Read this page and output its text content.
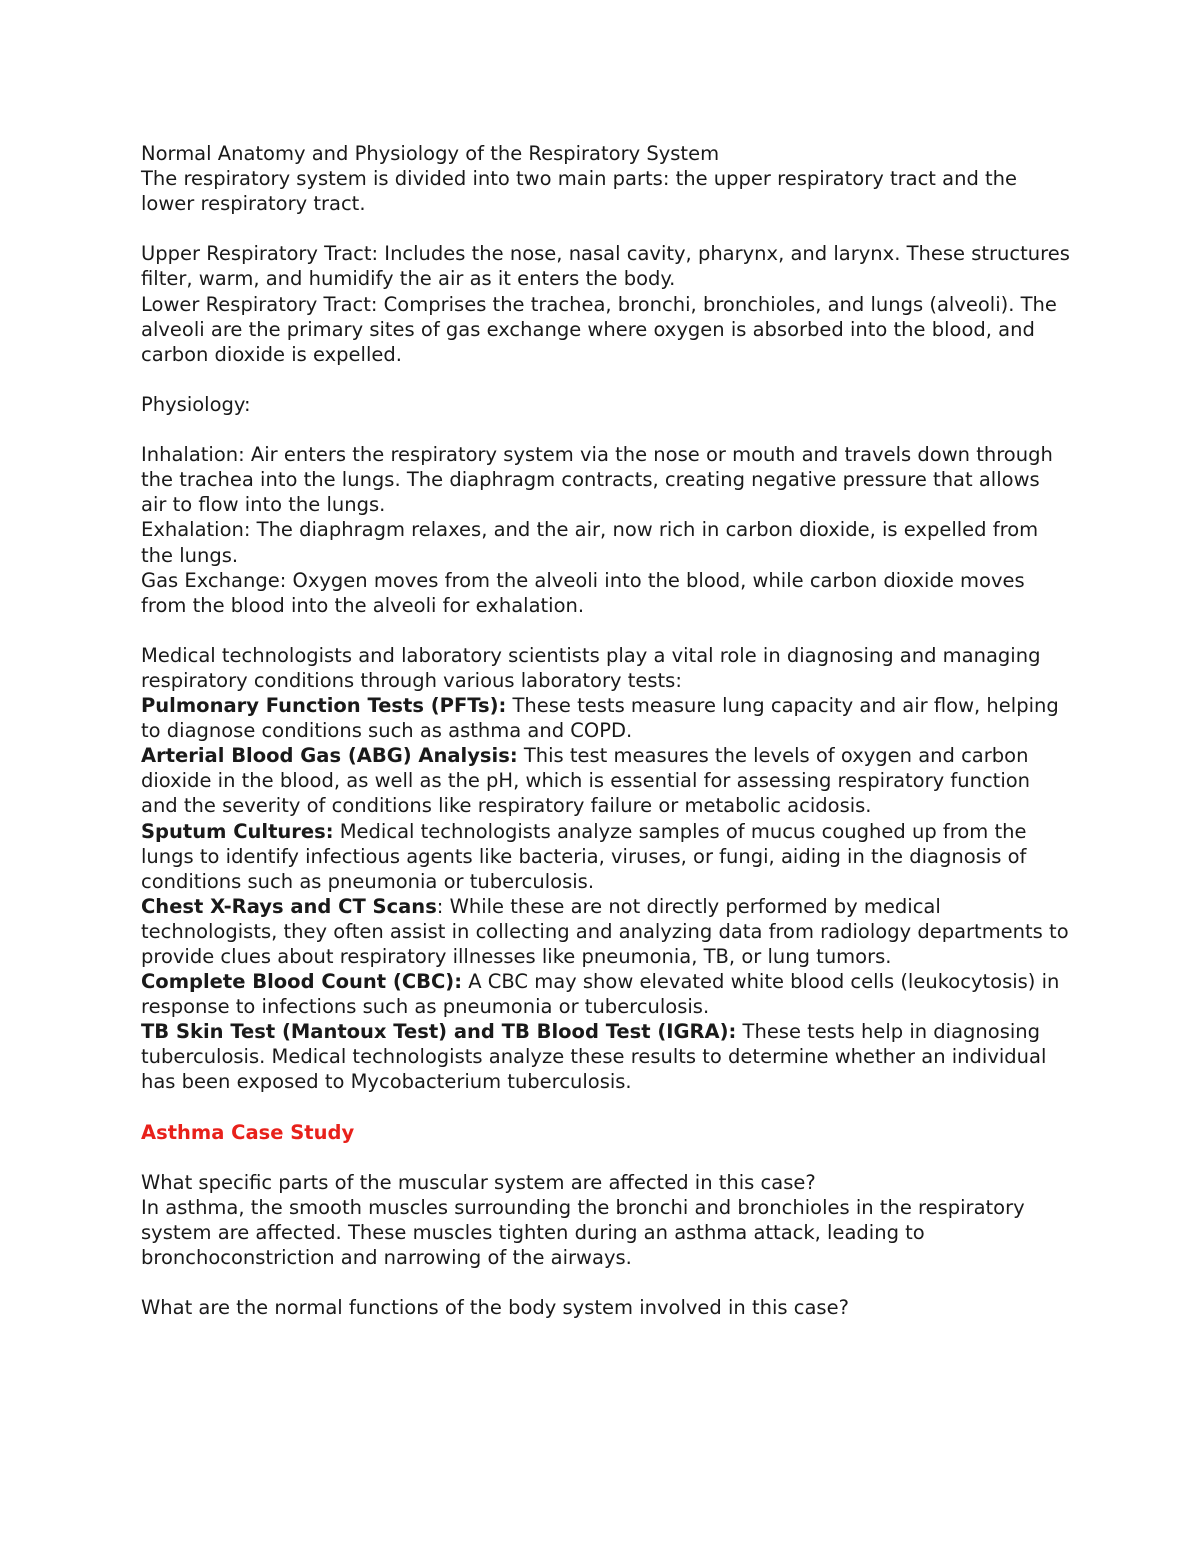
Normal Anatomy and Physiology of the Respiratory System
The respiratory system is divided into two main parts: the upper respiratory tract and the lower respiratory tract.
Upper Respiratory Tract: Includes the nose, nasal cavity, pharynx, and larynx. These structures filter, warm, and humidify the air as it enters the body.
Lower Respiratory Tract: Comprises the trachea, bronchi, bronchioles, and lungs (alveoli). The alveoli are the primary sites of gas exchange where oxygen is absorbed into the blood, and carbon dioxide is expelled.
Physiology:
Inhalation: Air enters the respiratory system via the nose or mouth and travels down through the trachea into the lungs. The diaphragm contracts, creating negative pressure that allows air to flow into the lungs.
Exhalation: The diaphragm relaxes, and the air, now rich in carbon dioxide, is expelled from the lungs.
Gas Exchange: Oxygen moves from the alveoli into the blood, while carbon dioxide moves from the blood into the alveoli for exhalation.
Medical technologists and laboratory scientists play a vital role in diagnosing and managing respiratory conditions through various laboratory tests:
Pulmonary Function Tests (PFTs): These tests measure lung capacity and air flow, helping to diagnose conditions such as asthma and COPD.
Arterial Blood Gas (ABG) Analysis: This test measures the levels of oxygen and carbon dioxide in the blood, as well as the pH, which is essential for assessing respiratory function and the severity of conditions like respiratory failure or metabolic acidosis.
Sputum Cultures: Medical technologists analyze samples of mucus coughed up from the lungs to identify infectious agents like bacteria, viruses, or fungi, aiding in the diagnosis of conditions such as pneumonia or tuberculosis.
Chest X-Rays and CT Scans: While these are not directly performed by medical technologists, they often assist in collecting and analyzing data from radiology departments to provide clues about respiratory illnesses like pneumonia, TB, or lung tumors.
Complete Blood Count (CBC): A CBC may show elevated white blood cells (leukocytosis) in response to infections such as pneumonia or tuberculosis.
TB Skin Test (Mantoux Test) and TB Blood Test (IGRA): These tests help in diagnosing tuberculosis. Medical technologists analyze these results to determine whether an individual has been exposed to Mycobacterium tuberculosis.
Asthma Case Study
What specific parts of the muscular system are affected in this case?
In asthma, the smooth muscles surrounding the bronchi and bronchioles in the respiratory system are affected. These muscles tighten during an asthma attack, leading to bronchoconstriction and narrowing of the airways.
What are the normal functions of the body system involved in this case?
